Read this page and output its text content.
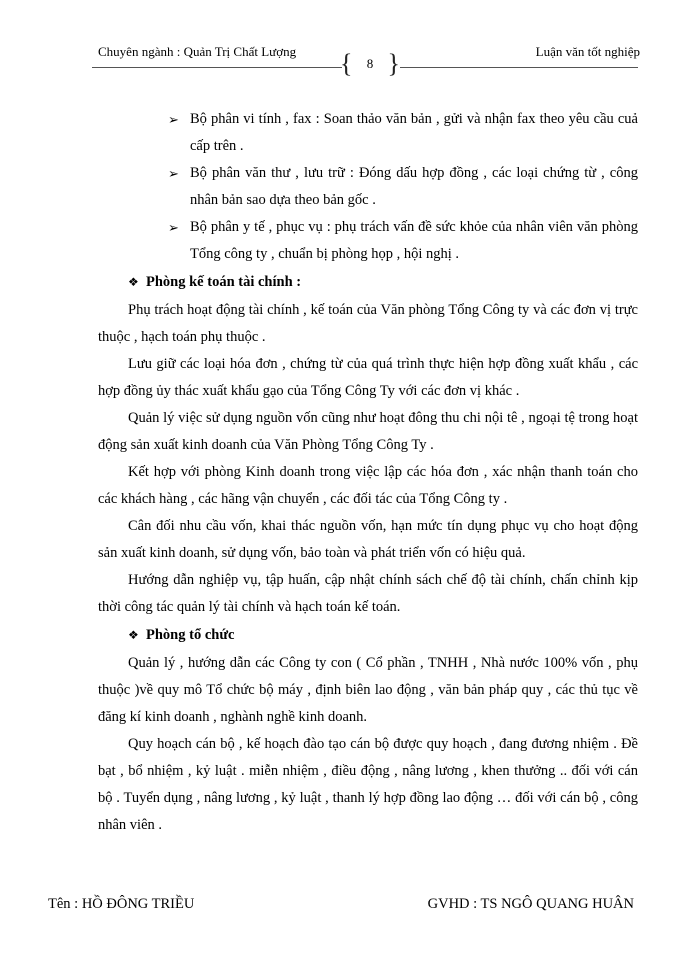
Chuyên ngành : Quản Trị Chất Lượng {	8 }	Luận văn tốt nghiệp
➢ Bộ phân vi tính , fax : Soan thảo văn bản , gửi và nhận fax theo yêu cầu cuả cấp trên .
➢ Bộ phân văn thư , lưu trữ : Đóng dấu hợp đồng , các loại chứng từ , công nhân bản sao dựa theo bản gốc .
➢ Bộ phân y tế , phục vụ : phụ trách vấn đề sức khỏe của nhân viên văn phòng Tổng công ty , chuẩn bị phòng họp , hội nghị .
❖ Phòng kế toán tài chính :

Phụ trách hoạt động tài chính , kế toán của Văn phòng Tổng Công ty và các đơn vị trực thuộc , hạch toán phụ thuộc .

Lưu giữ các loại hóa đơn , chứng từ của quá trình thực hiện hợp đồng xuất khẩu , các hợp đồng ủy thác xuất khẩu gạo của Tổng Công Ty với các đơn vị khác .

Quản lý việc sử dụng nguồn vốn cũng như hoạt đông thu chi nội tê , ngoại tệ trong hoạt động sản xuất kinh doanh của Văn Phòng Tổng Công Ty .

Kết hợp với phòng Kinh doanh trong việc lập các hóa đơn , xác nhận thanh toán cho các khách hàng , các hãng vận chuyển , các đối tác của Tổng Công ty .

Cân đối nhu cầu vốn, khai thác nguồn vốn, hạn mức tín dụng phục vụ cho hoạt động sản xuất kinh doanh, sử dụng vốn, bảo toàn và phát triển vốn có hiệu quả.

Hướng dẫn nghiệp vụ, tập huấn, cập nhật chính sách chế độ tài chính, chấn chỉnh kịp thời công tác quản lý tài chính và hạch toán kế toán.

❖ Phòng tổ chức

Quản lý , hướng dẫn các Công ty con ( Cổ phần , TNHH , Nhà nước 100% vốn , phụ thuộc )về quy mô Tổ chức bộ máy , định biên lao động , văn bản pháp quy , các thủ tục về đăng kí kinh doanh , nghành nghề kinh doanh.

Quy hoạch cán bộ , kế hoạch đào tạo cán bộ được quy hoạch , đang đương nhiệm . Đề bạt , bổ nhiệm , kỷ luật . miễn nhiệm , điều động , nâng lương , khen thưởng .. đối với cán bộ . Tuyển dụng , nâng lương , kỷ luật , thanh lý hợp đồng lao động … đối với cán bộ , công nhân viên .

Tên : HỒ ĐÔNG TRIỀU	GVHD : TS NGÔ QUANG HUÂN
